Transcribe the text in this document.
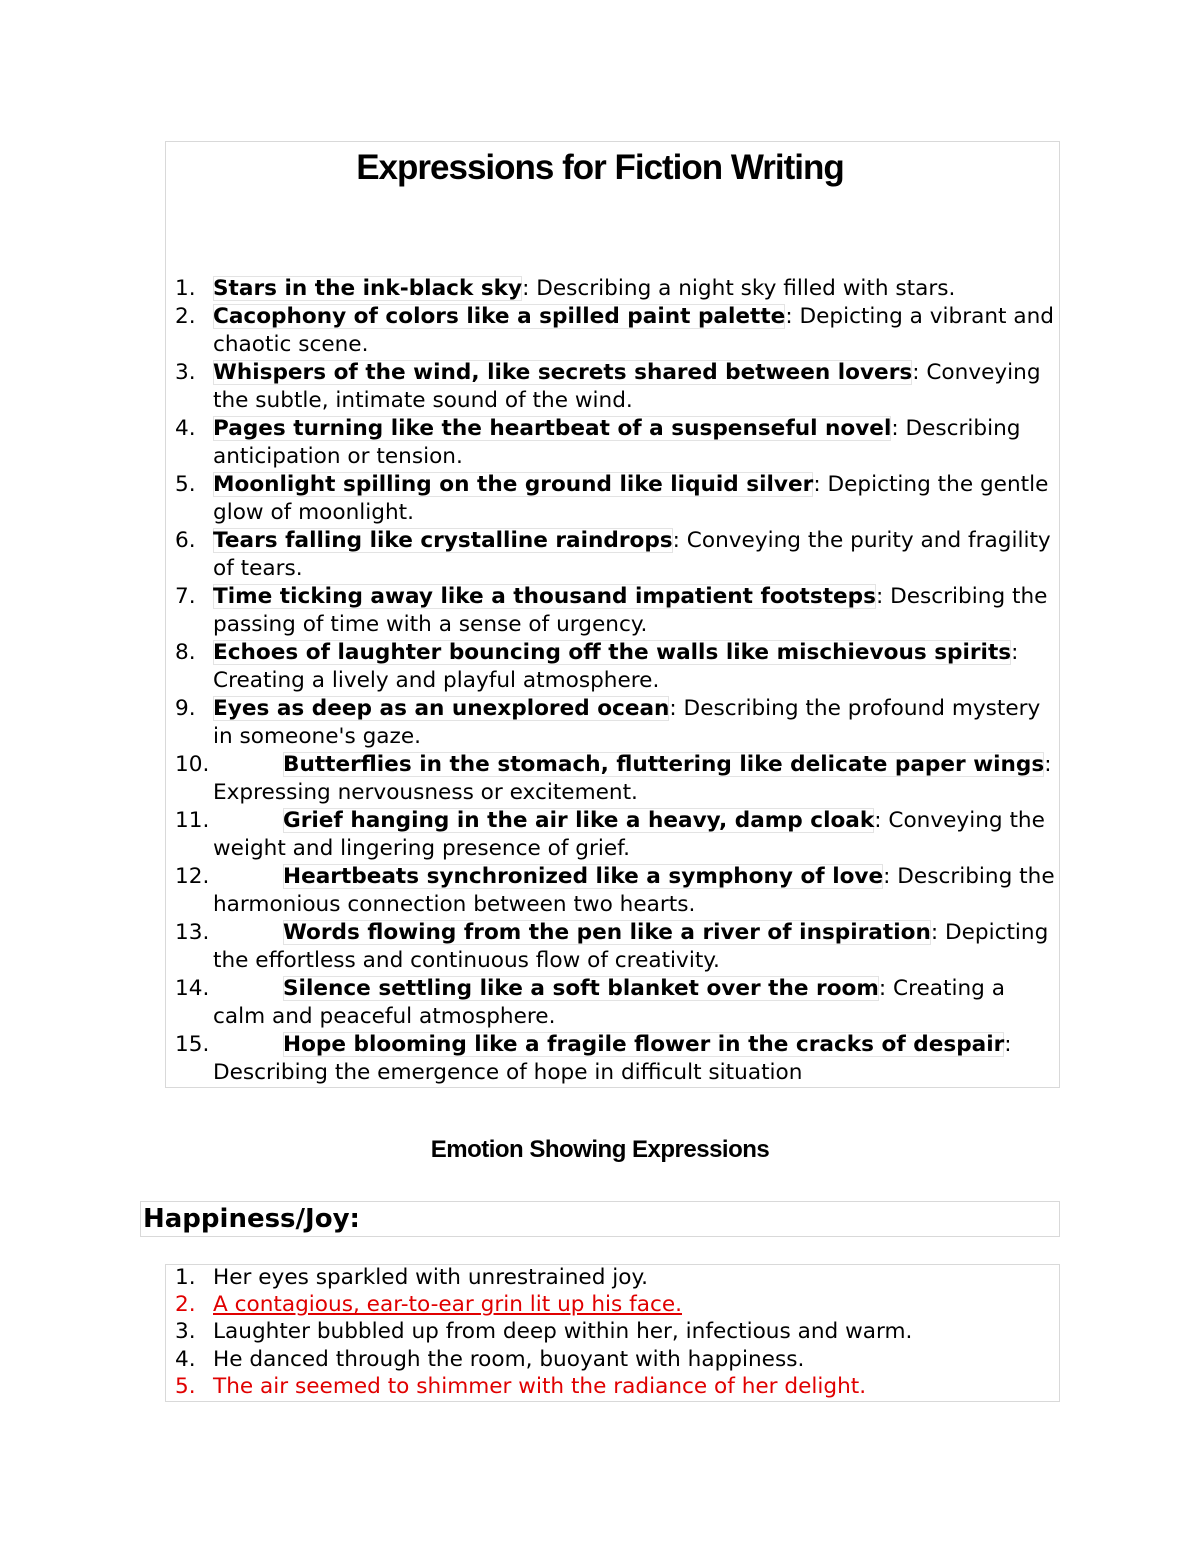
Expressions for Fiction Writing
1. Stars in the ink-black sky: Describing a night sky filled with stars.
2. Cacophony of colors like a spilled paint palette: Depicting a vibrant and chaotic scene.
3. Whispers of the wind, like secrets shared between lovers: Conveying the subtle, intimate sound of the wind.
4. Pages turning like the heartbeat of a suspenseful novel: Describing anticipation or tension.
5. Moonlight spilling on the ground like liquid silver: Depicting the gentle glow of moonlight.
6. Tears falling like crystalline raindrops: Conveying the purity and fragility of tears.
7. Time ticking away like a thousand impatient footsteps: Describing the passing of time with a sense of urgency.
8. Echoes of laughter bouncing off the walls like mischievous spirits: Creating a lively and playful atmosphere.
9. Eyes as deep as an unexplored ocean: Describing the profound mystery in someone's gaze.
10.	Butterflies in the stomach, fluttering like delicate paper wings: Expressing nervousness or excitement.
11.	Grief hanging in the air like a heavy, damp cloak: Conveying the weight and lingering presence of grief.
12.	Heartbeats synchronized like a symphony of love: Describing the harmonious connection between two hearts.
13.	Words flowing from the pen like a river of inspiration: Depicting the effortless and continuous flow of creativity.
14.	Silence settling like a soft blanket over the room: Creating a calm and peaceful atmosphere.
15.	Hope blooming like a fragile flower in the cracks of despair: Describing the emergence of hope in difficult situation
Emotion Showing Expressions
Happiness/Joy:
1. Her eyes sparkled with unrestrained joy.
2. A contagious, ear-to-ear grin lit up his face.
3. Laughter bubbled up from deep within her, infectious and warm.
4. He danced through the room, buoyant with happiness.
5. The air seemed to shimmer with the radiance of her delight.
